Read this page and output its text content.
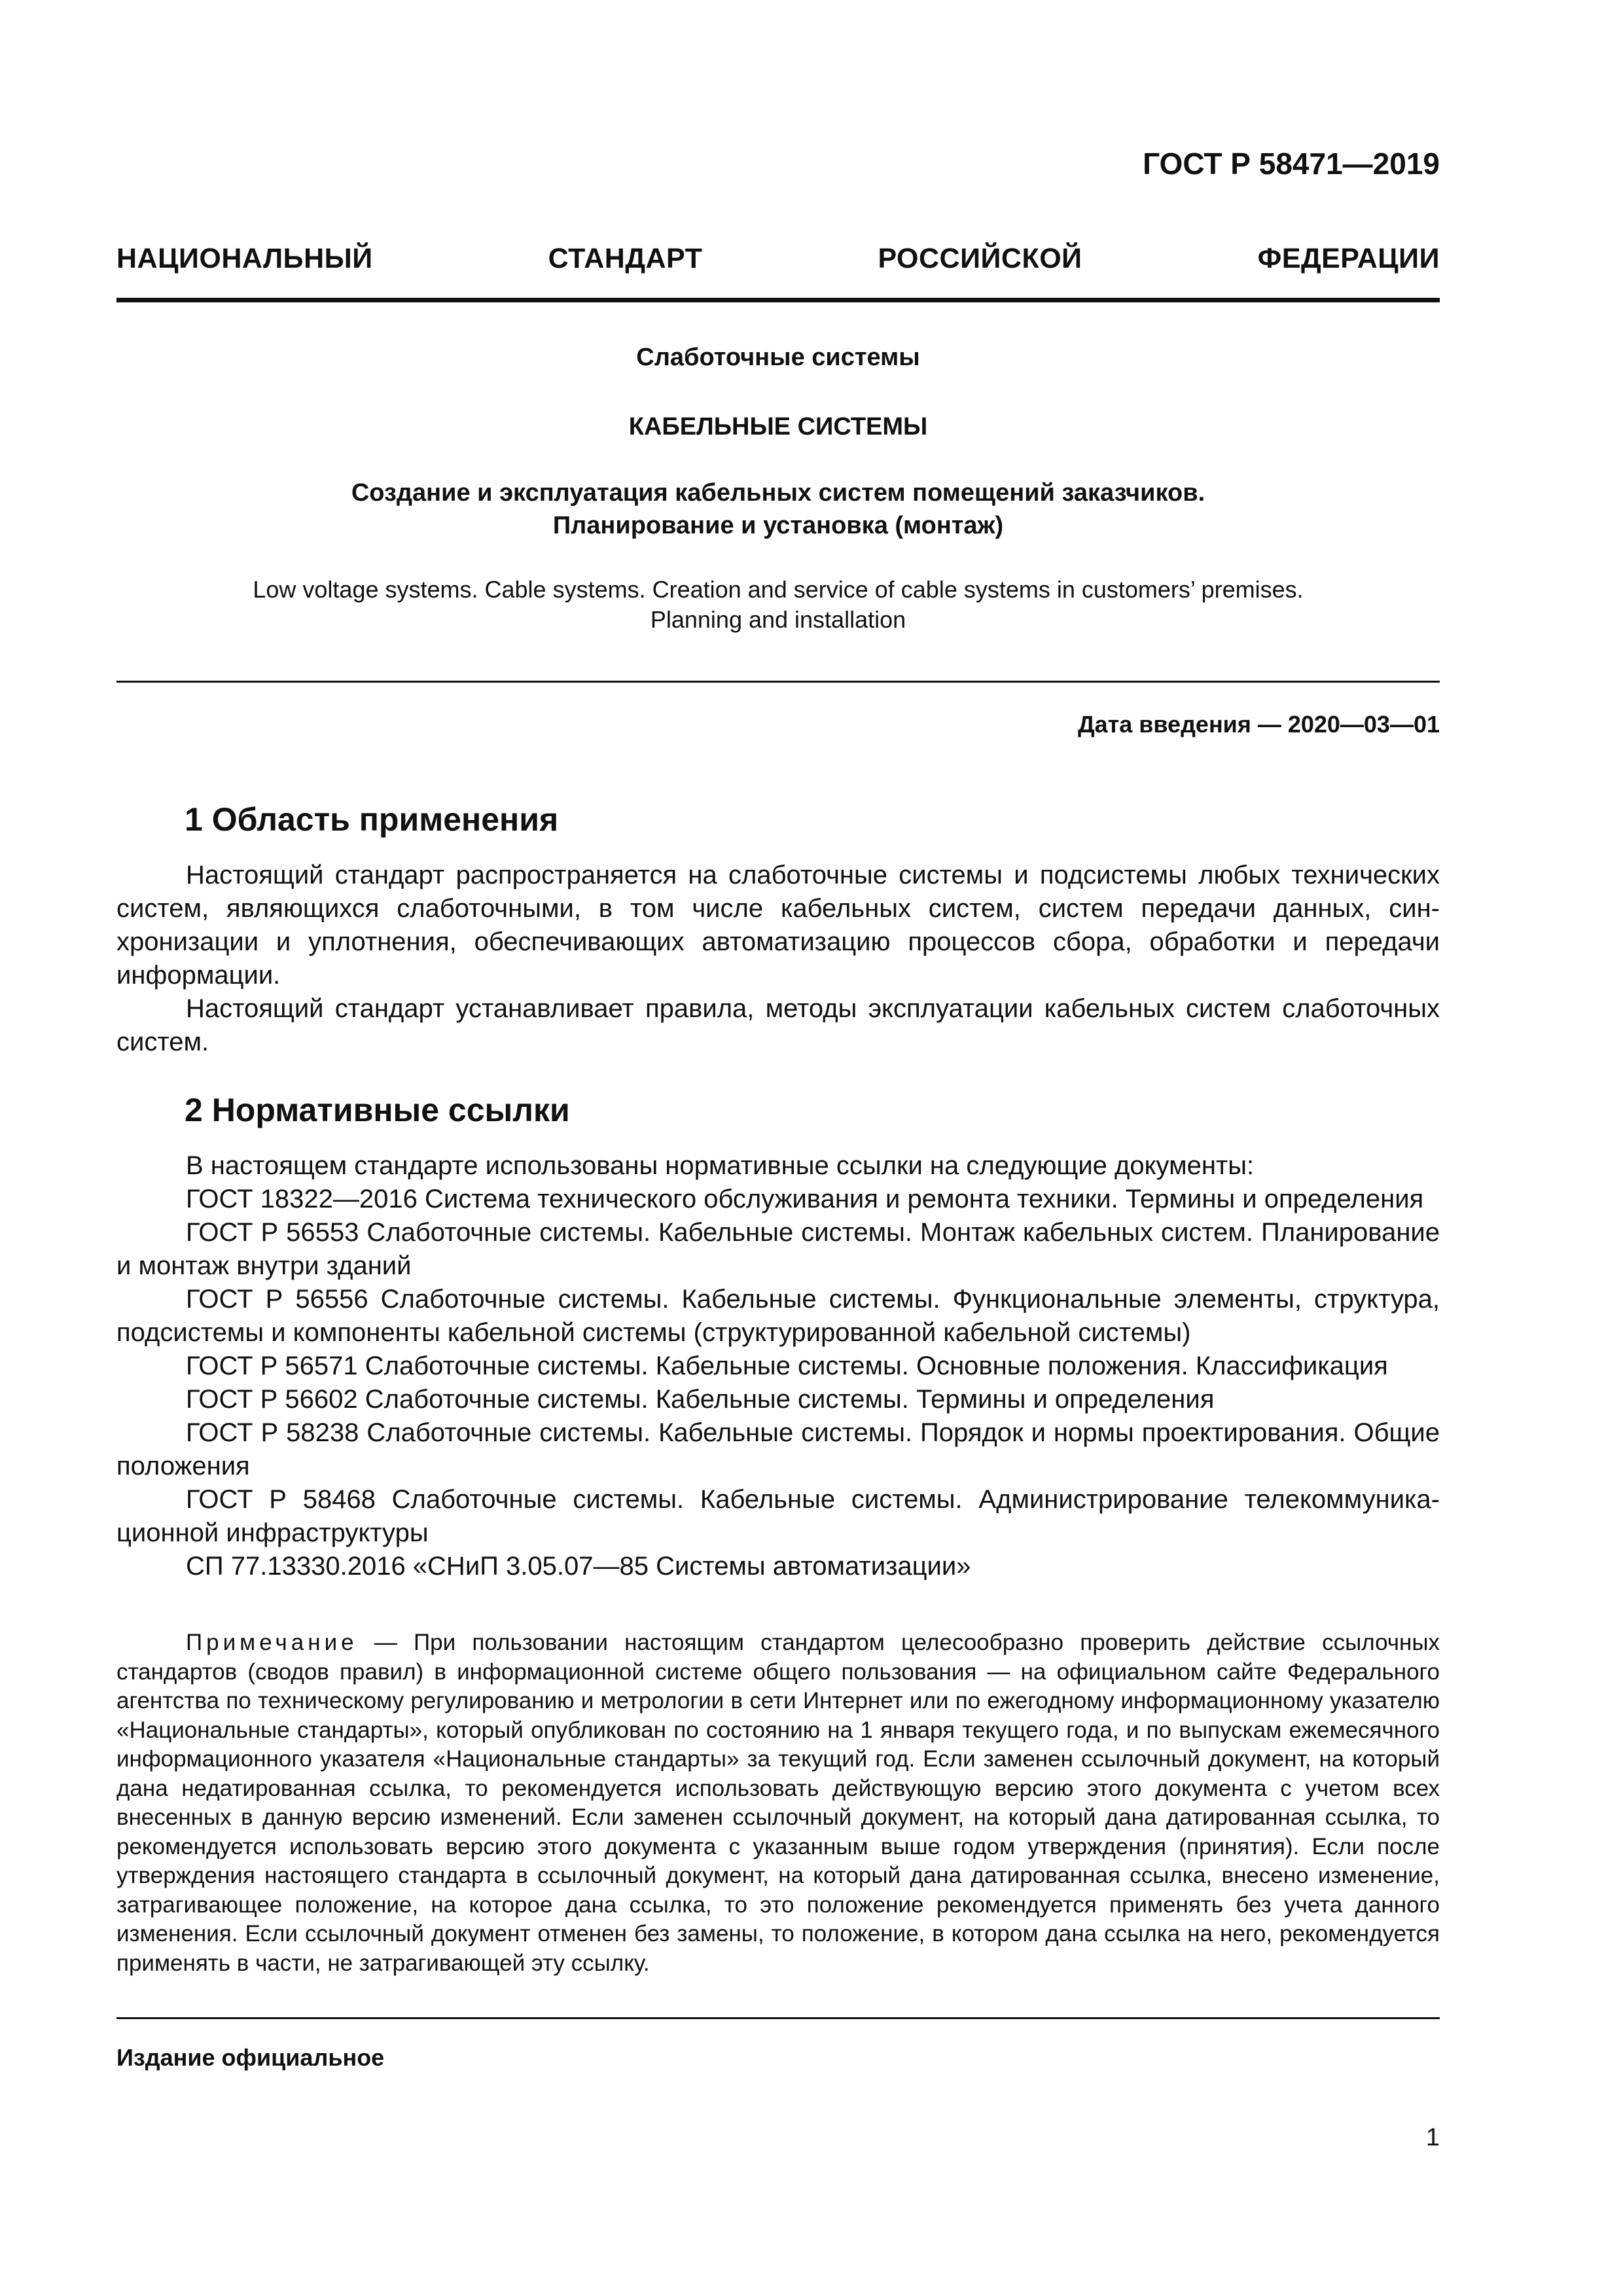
ГОСТ Р 58471—2019
НАЦИОНАЛЬНЫЙ СТАНДАРТ РОССИЙСКОЙ ФЕДЕРАЦИИ
Слаботочные системы
КАБЕЛЬНЫЕ СИСТЕМЫ
Создание и эксплуатация кабельных систем помещений заказчиков.
Планирование и установка (монтаж)
Low voltage systems. Cable systems. Creation and service of cable systems in customers’ premises.
Planning and installation
Дата введения — 2020—03—01
1 Область применения

Настоящий стандарт распространяется на слаботочные системы и подсистемы любых технических систем, являющихся слаботочными, в том числе кабельных систем, систем передачи данных, синхронизации и уплотнения, обеспечивающих автоматизацию процессов сбора, обработки и передачи информации.

Настоящий стандарт устанавливает правила, методы эксплуатации кабельных систем слаботочных систем.

2 Нормативные ссылки

В настоящем стандарте использованы нормативные ссылки на следующие документы:

ГОСТ 18322—2016 Система технического обслуживания и ремонта техники. Термины и определения

ГОСТ Р 56553 Слаботочные системы. Кабельные системы. Монтаж кабельных систем. Планирование и монтаж внутри зданий

ГОСТ Р 56556 Слаботочные системы. Кабельные системы. Функциональные элементы, структура, подсистемы и компоненты кабельной системы (структурированной кабельной системы)

ГОСТ Р 56571 Слаботочные системы. Кабельные системы. Основные положения. Классификация

ГОСТ Р 56602 Слаботочные системы. Кабельные системы. Термины и определения

ГОСТ Р 58238 Слаботочные системы. Кабельные системы. Порядок и нормы проектирования. Общие положения

ГОСТ Р 58468 Слаботочные системы. Кабельные системы. Администрирование телекоммуникационной инфраструктуры

СП 77.13330.2016 «СНиП 3.05.07—85 Системы автоматизации»

Примечание — При пользовании настоящим стандартом целесообразно проверить действие ссылочных стандартов (сводов правил) в информационной системе общего пользования — на официальном сайте Федерального агентства по техническому регулированию и метрологии в сети Интернет или по ежегодному информационному указателю «Национальные стандарты», который опубликован по состоянию на 1 января текущего года, и по выпускам ежемесячного информационного указателя «Национальные стандарты» за текущий год. Если заменен ссылочный документ, на который дана недатированная ссылка, то рекомендуется использовать действующую версию этого документа с учетом всех внесенных в данную версию изменений. Если заменен ссылочный документ, на который дана датированная ссылка, то рекомендуется использовать версию этого документа с указанным выше годом утверждения (принятия). Если после утверждения настоящего стандарта в ссылочный документ, на который дана датированная ссылка, внесено изменение, затрагивающее положение, на которое дана ссылка, то это положение рекомендуется применять без учета данного изменения. Если ссылочный документ отменен без замены, то положение, в котором дана ссылка на него, рекомендуется применять в части, не затрагивающей эту ссылку.
Издание официальное
1
